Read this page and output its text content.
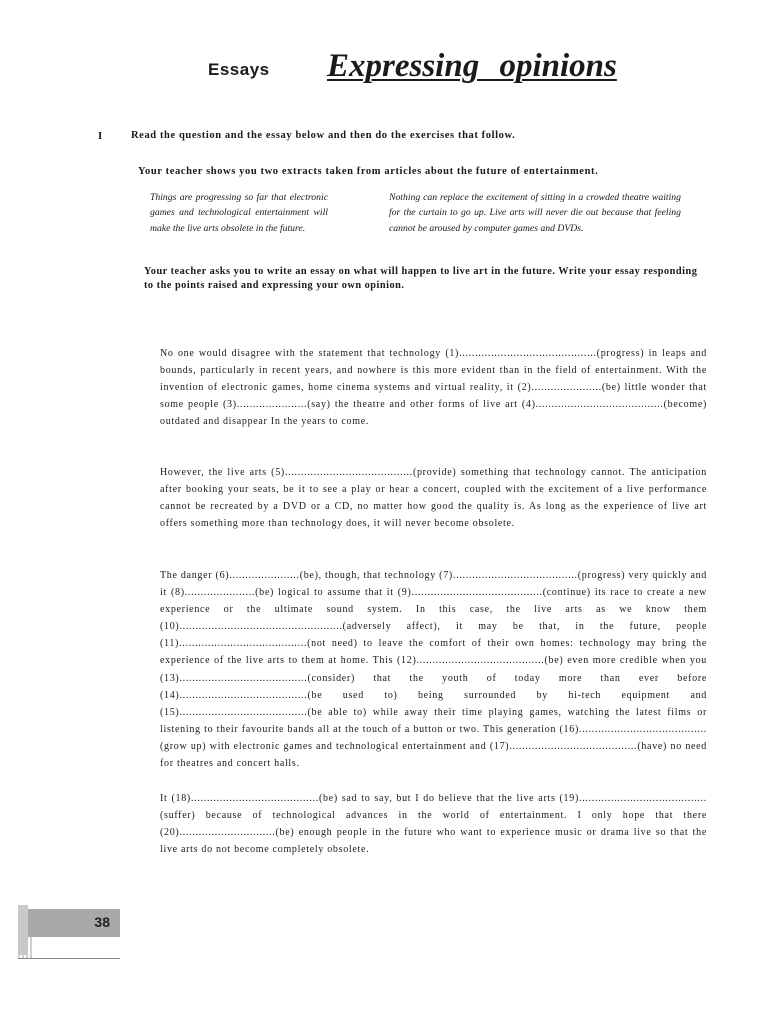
Essays Expressing opinions
I	Read the question and the essay below and then do the exercises that follow.
Your teacher shows you two extracts taken from articles about the future of entertainment.
Things are progressing so far that electronic games and technological entertainment will make the live arts obsolete in the future.
Nothing can replace the excitement of sitting in a crowded theatre waiting for the curtain to go up. Live arts will never die out because that feeling cannot be aroused by computer games and DVDs.
Your teacher asks you to write an essay on what will happen to live art in the future. Write your essay responding to the points raised and expressing your own opinion.

No one would disagree with the statement that technology (1)...........................................(progress) in leaps and bounds, particularly in recent years, and nowhere is this more evident than in the field of entertainment. With the invention of electronic games, home cinema systems and virtual reality, it (2)......................(be) little wonder that some people (3)......................(say) the theatre and other forms of live art (4)........................................(become) outdated and disappear In the years to come.

However, the live arts (5)........................................(provide) something that technology cannot. The anticipation after booking your seats, be it to see a play or hear a concert, coupled with the excitement of a live performance cannot be recreated by a DVD or a CD, no matter how good the quality is. As long as the experience of live art offers something more than technology does, it will never become obsolete.

The danger (6)......................(be), though, that technology (7).......................................(progress) very quickly and it (8)......................(be) logical to assume that it (9).........................................(continue) its race to create a new experience or the ultimate sound system. In this case, the live arts as we know them (10)...................................................(adversely affect), it may be that, in the future, people (11)........................................(not need) to leave the comfort of their own homes: technology may bring the experience of the live arts to them at home. This (12)........................................(be) even more credible when you (13)........................................(consider) that the youth of today more than ever before (14)........................................(be used to) being surrounded by hi-tech equipment and (15)........................................(be able to) while away their time playing games, watching the latest films or listening to their favourite bands all at the touch of a button or two. This generation (16)........................................(grow up) with electronic games and technological entertainment and (17)........................................(have) no need for theatres and concert halls.

It (18)........................................(be) sad to say, but I do believe that the live arts (19)........................................(suffer) because of technological advances in the world of entertainment. I only hope that there (20)..............................(be) enough people in the future who want to experience music or drama live so that the live arts do not become completely obsolete.

38
